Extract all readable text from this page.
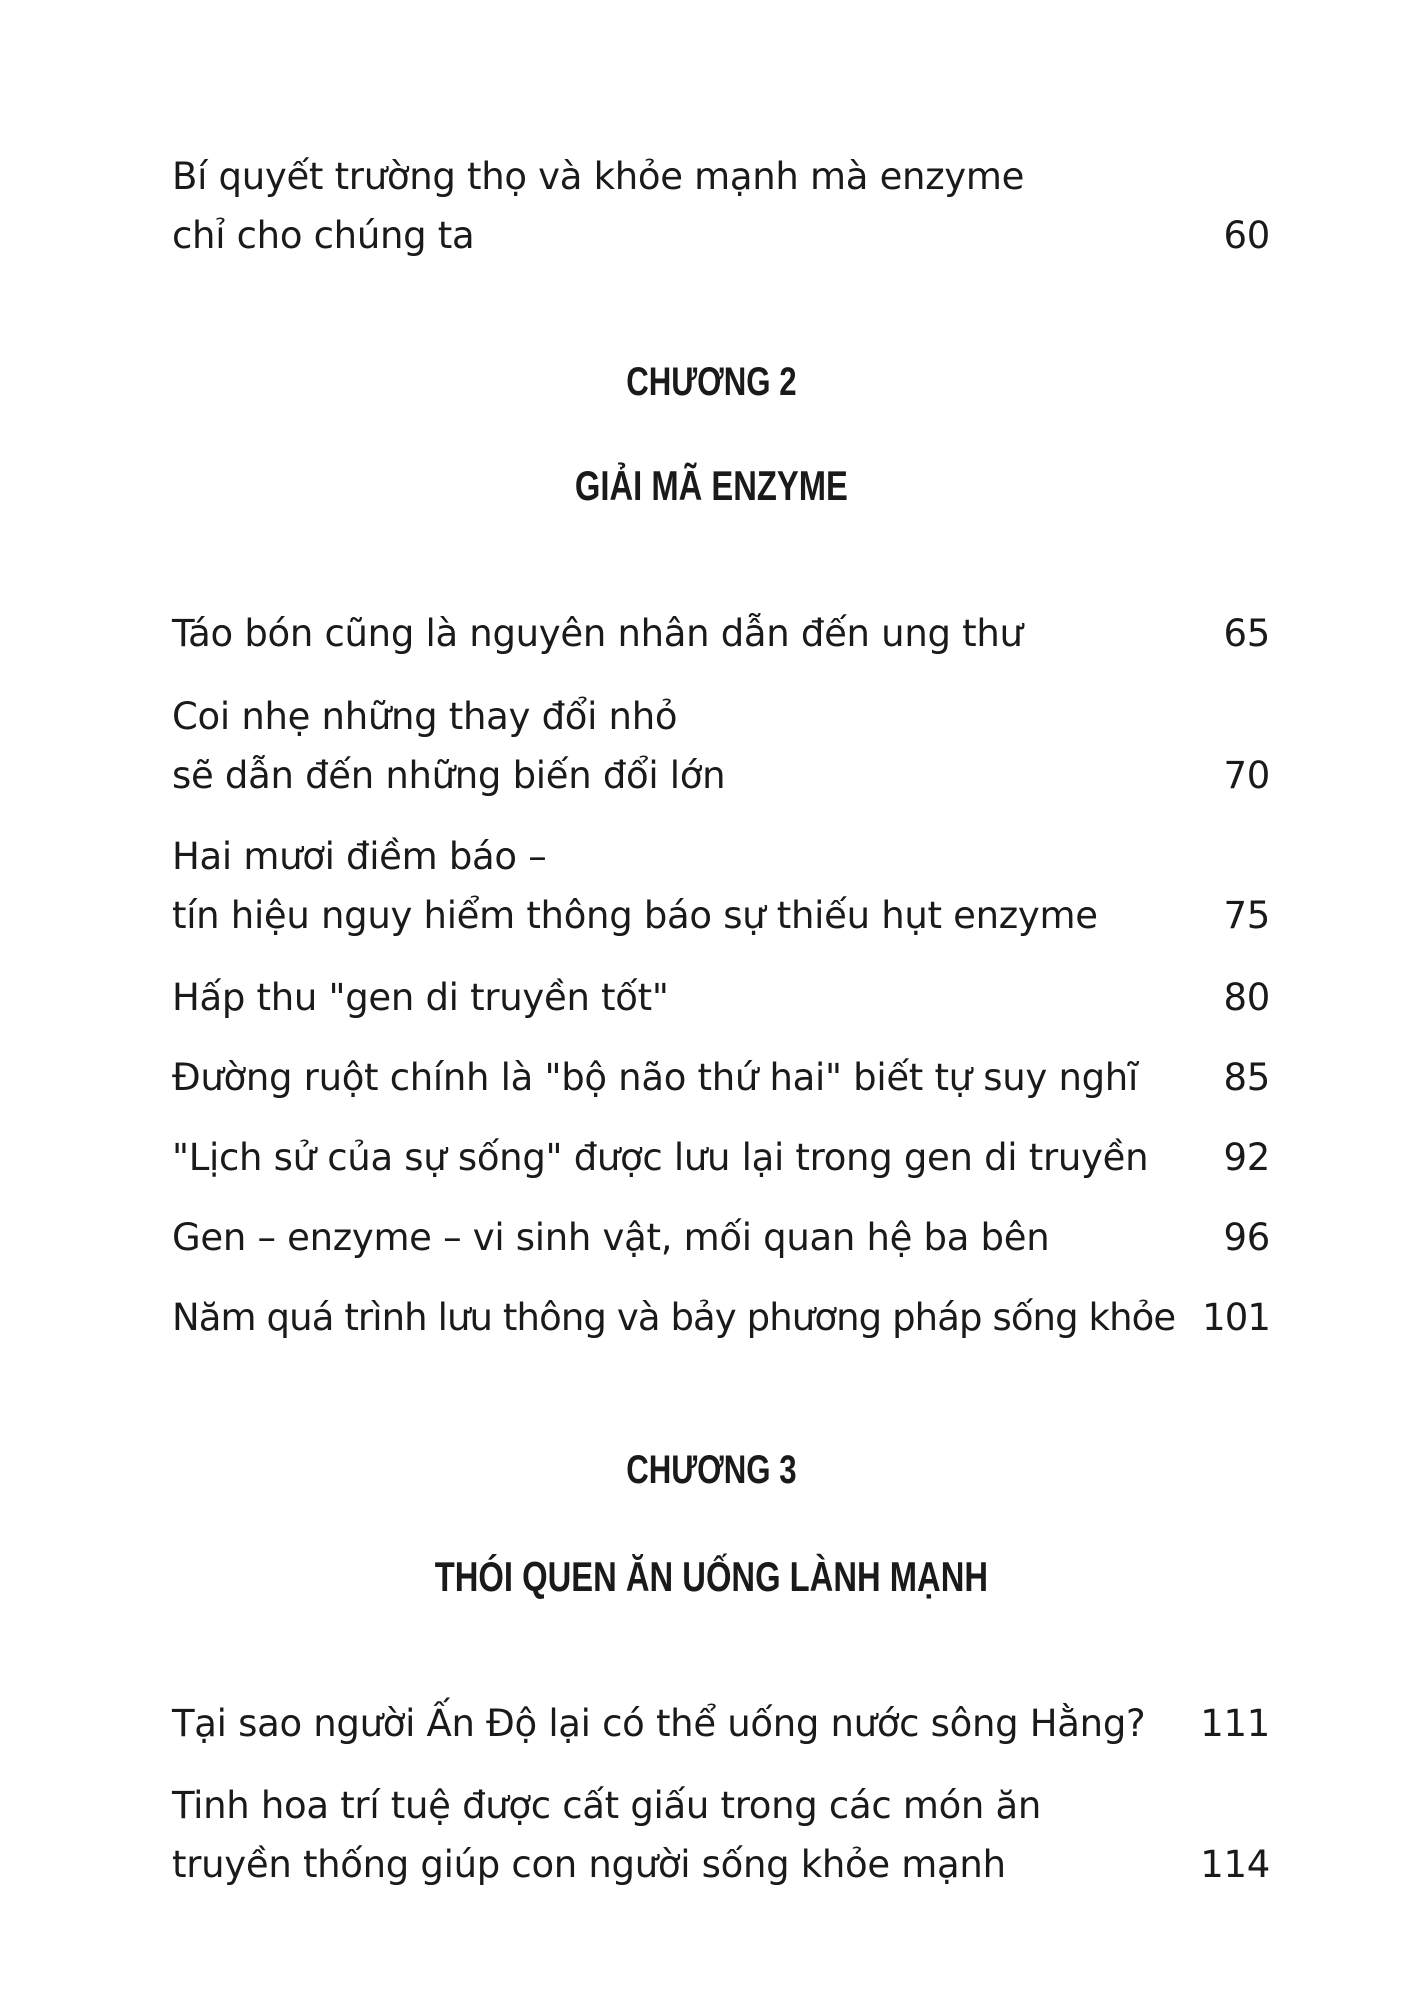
Bí quyết trường thọ và khỏe mạnh mà enzyme
chỉ cho chúng ta	60
CHƯƠNG 2
GIẢI MÃ ENZYME
Táo bón cũng là nguyên nhân dẫn đến ung thư	65
Coi nhẹ những thay đổi nhỏ
sẽ dẫn đến những biến đổi lớn	70
Hai mươi điềm báo –
tín hiệu nguy hiểm thông báo sự thiếu hụt enzyme	75
Hấp thu "gen di truyền tốt"	80
Đường ruột chính là "bộ não thứ hai" biết tự suy nghĩ 85
"Lịch sử của sự sống" được lưu lại trong gen di truyền 92
Gen – enzyme – vi sinh vật, mối quan hệ ba bên	96
Năm quá trình lưu thông và bảy phương pháp sống khỏe 101
CHƯƠNG 3
THÓI QUEN ĂN UỐNG LÀNH MẠNH
Tại sao người Ấn Độ lại có thể uống nước sông Hằng? 111
Tinh hoa trí tuệ được cất giấu trong các món ăn
truyền thống giúp con người sống khỏe mạnh	114
